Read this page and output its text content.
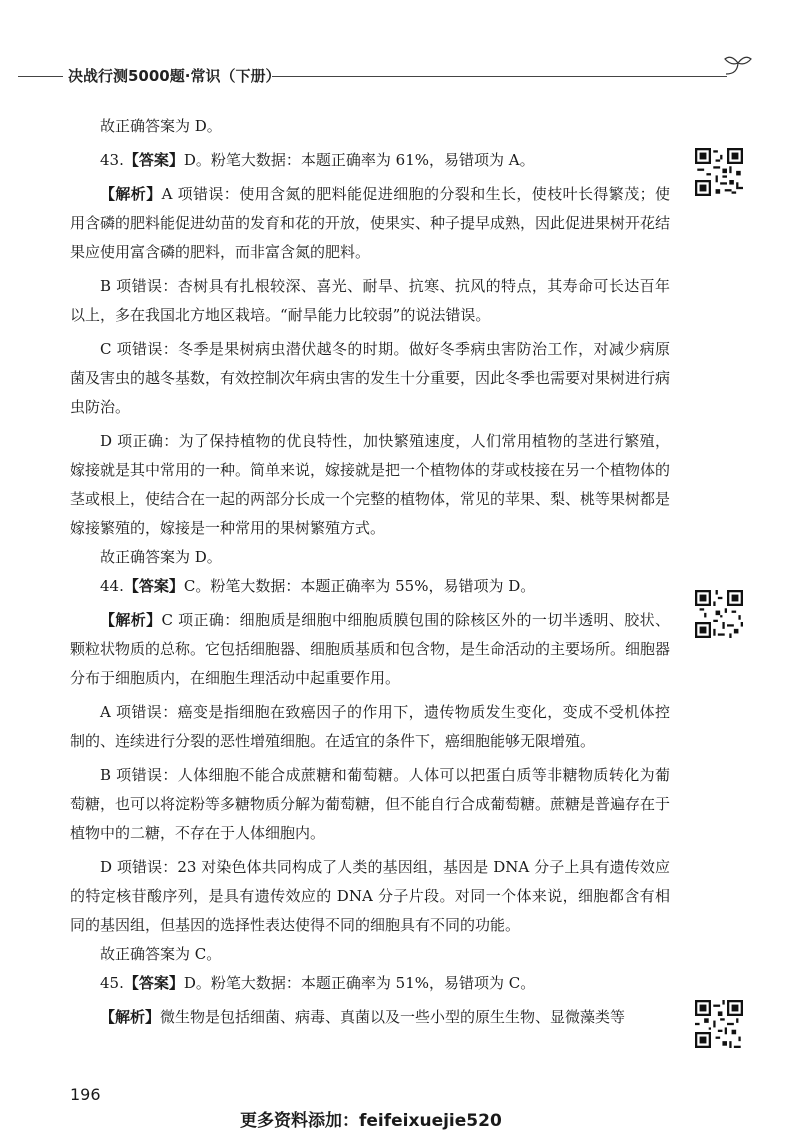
决战行测5000题·常识（下册）

故正确答案为 D。

43.【答案】D。粉笔大数据：本题正确率为 61%，易错项为 A。

【解析】A 项错误：使用含氮的肥料能促进细胞的分裂和生长，使枝叶长得繁茂；使用含磷的肥料能促进幼苗的发育和花的开放，使果实、种子提早成熟，因此促进果树开花结果应使用富含磷的肥料，而非富含氮的肥料。

B 项错误：杏树具有扎根较深、喜光、耐旱、抗寒、抗风的特点，其寿命可长达百年以上，多在我国北方地区栽培。“耐旱能力比较弱”的说法错误。

C 项错误：冬季是果树病虫潜伏越冬的时期。做好冬季病虫害防治工作，对减少病原菌及害虫的越冬基数，有效控制次年病虫害的发生十分重要，因此冬季也需要对果树进行病虫防治。

D 项正确：为了保持植物的优良特性，加快繁殖速度，人们常用植物的茎进行繁殖，嫁接就是其中常用的一种。简单来说，嫁接就是把一个植物体的芽或枝接在另一个植物体的茎或根上，使结合在一起的两部分长成一个完整的植物体，常见的苹果、梨、桃等果树都是嫁接繁殖的，嫁接是一种常用的果树繁殖方式。

故正确答案为 D。

44.【答案】C。粉笔大数据：本题正确率为 55%，易错项为 D。

【解析】C 项正确：细胞质是细胞中细胞质膜包围的除核区外的一切半透明、胶状、颗粒状物质的总称。它包括细胞器、细胞质基质和包含物，是生命活动的主要场所。细胞器分布于细胞质内，在细胞生理活动中起重要作用。

A 项错误：癌变是指细胞在致癌因子的作用下，遗传物质发生变化，变成不受机体控制的、连续进行分裂的恶性增殖细胞。在适宜的条件下，癌细胞能够无限增殖。

B 项错误：人体细胞不能合成蔗糖和葡萄糖。人体可以把蛋白质等非糖物质转化为葡萄糖，也可以将淀粉等多糖物质分解为葡萄糖，但不能自行合成葡萄糖。蔗糖是普遍存在于植物中的二糖，不存在于人体细胞内。

D 项错误：23 对染色体共同构成了人类的基因组，基因是 DNA 分子上具有遗传效应的特定核苷酸序列，是具有遗传效应的 DNA 分子片段。对同一个体来说，细胞都含有相同的基因组，但基因的选择性表达使得不同的细胞具有不同的功能。

故正确答案为 C。

45.【答案】D。粉笔大数据：本题正确率为 51%，易错项为 C。

【解析】微生物是包括细菌、病毒、真菌以及一些小型的原生生物、显微藻类等

196
更多资料添加：feifeixuejie520
